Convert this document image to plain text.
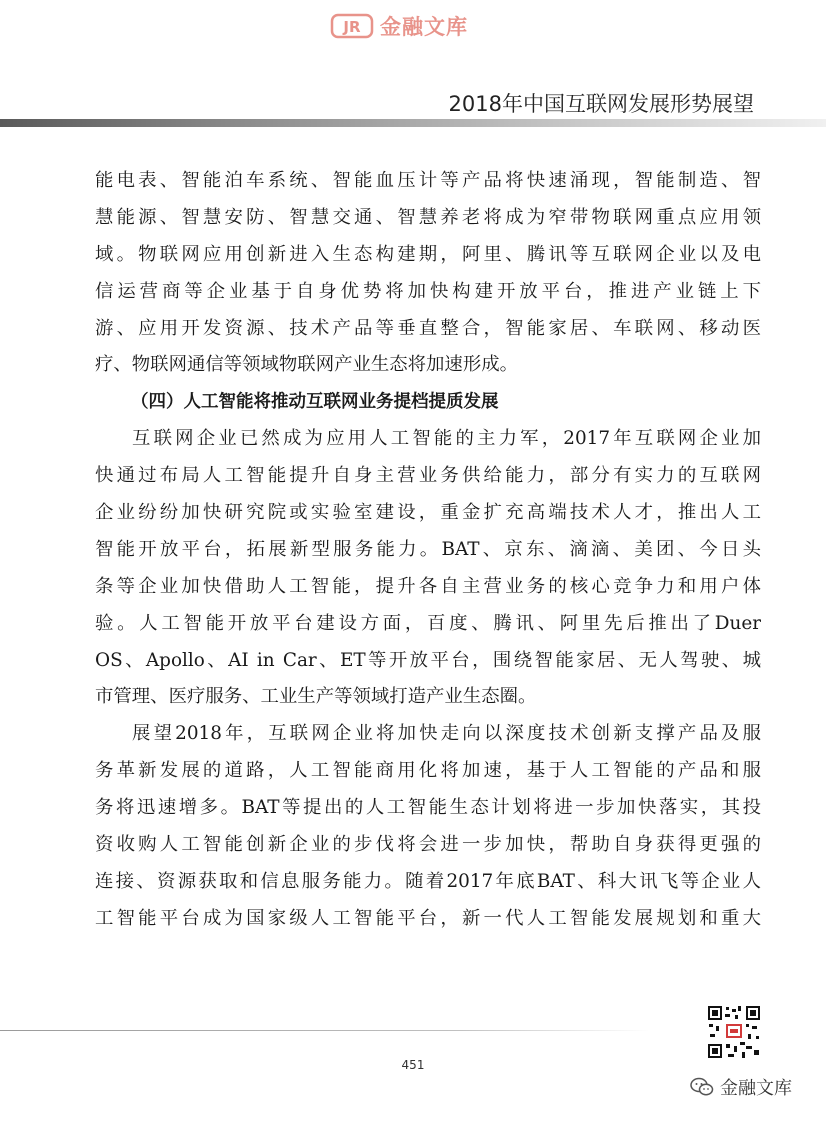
JR 金融文库
2018年中国互联网发展形势展望
能电表、智能泊车系统、智能血压计等产品将快速涌现，智能制造、智
慧能源、智慧安防、智慧交通、智慧养老将成为窄带物联网重点应用领
域。物联网应用创新进入生态构建期，阿里、腾讯等互联网企业以及电
信运营商等企业基于自身优势将加快构建开放平台，推进产业链上下
游、应用开发资源、技术产品等垂直整合，智能家居、车联网、移动医
疗、物联网通信等领域物联网产业生态将加速形成。
（四）人工智能将推动互联网业务提档提质发展
互联网企业已然成为应用人工智能的主力军，2017年互联网企业加
快通过布局人工智能提升自身主营业务供给能力，部分有实力的互联网
企业纷纷加快研究院或实验室建设，重金扩充高端技术人才，推出人工
智能开放平台，拓展新型服务能力。BAT、京东、滴滴、美团、今日头
条等企业加快借助人工智能，提升各自主营业务的核心竞争力和用户体
验。人工智能开放平台建设方面，百度、腾讯、阿里先后推出了Duer
OS、Apollo、AI in Car、ET等开放平台，围绕智能家居、无人驾驶、城
市管理、医疗服务、工业生产等领域打造产业生态圈。
展望2018年，互联网企业将加快走向以深度技术创新支撑产品及服
务革新发展的道路，人工智能商用化将加速，基于人工智能的产品和服
务将迅速增多。BAT等提出的人工智能生态计划将进一步加快落实，其投
资收购人工智能创新企业的步伐将会进一步加快，帮助自身获得更强的
连接、资源获取和信息服务能力。随着2017年底BAT、科大讯飞等企业人
工智能平台成为国家级人工智能平台，新一代人工智能发展规划和重大
451
金融文库
